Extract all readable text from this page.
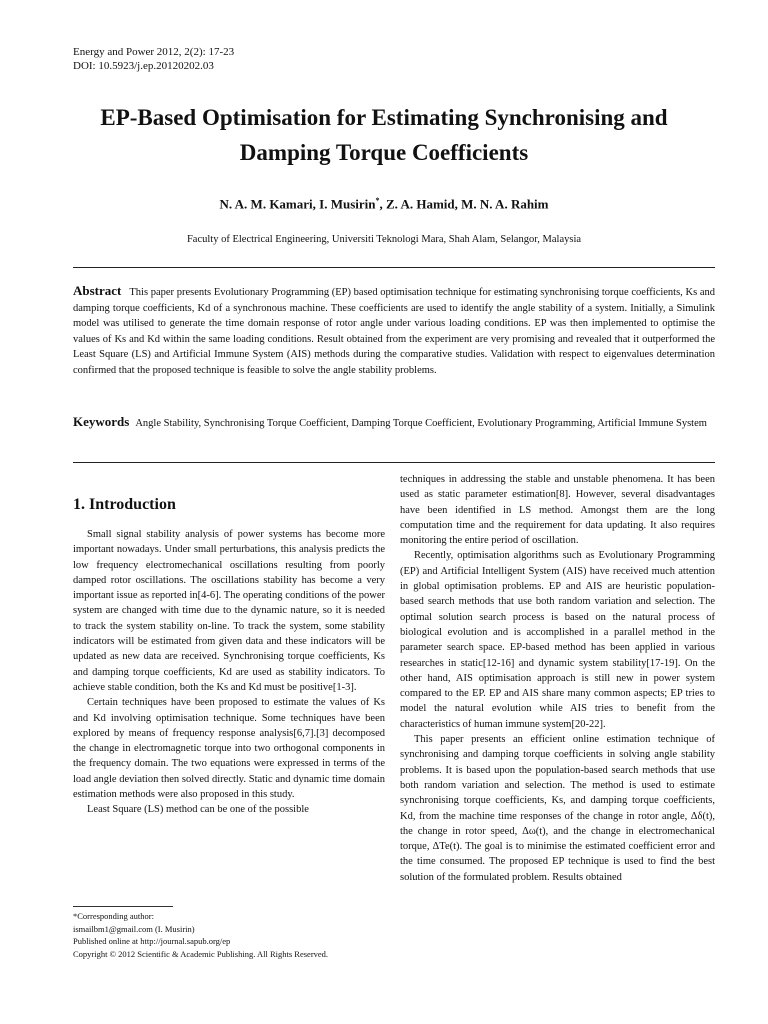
Energy and Power 2012, 2(2): 17-23
DOI: 10.5923/j.ep.20120202.03
EP-Based Optimisation for Estimating Synchronising and
Damping Torque Coefficients
N. A. M. Kamari, I. Musirin*, Z. A. Hamid, M. N. A. Rahim
Faculty of Electrical Engineering, Universiti Teknologi Mara, Shah Alam, Selangor, Malaysia
Abstract This paper presents Evolutionary Programming (EP) based optimisation technique for estimating synchronising torque coefficients, Ks and damping torque coefficients, Kd of a synchronous machine. These coefficients are used to identify the angle stability of a system. Initially, a Simulink model was utilised to generate the time domain response of rotor angle under various loading conditions. EP was then implemented to optimise the values of Ks and Kd within the same loading conditions. Result obtained from the experiment are very promising and revealed that it outperformed the Least Square (LS) and Artificial Immune System (AIS) methods during the comparative studies. Validation with respect to eigenvalues determination confirmed that the proposed technique is feasible to solve the angle stability problems.
Keywords Angle Stability, Synchronising Torque Coefficient, Damping Torque Coefficient, Evolutionary Programming, Artificial Immune System
1. Introduction

Small signal stability analysis of power systems has become more important nowadays. Under small perturbations, this analysis predicts the low frequency electromechanical oscillations resulting from poorly damped rotor oscillations. The oscillations stability has become a very important issue as reported in[4-6]. The operating conditions of the power system are changed with time due to the dynamic nature, so it is needed to track the system stability on-line. To track the system, some stability indicators will be estimated from given data and these indicators will be updated as new data are received. Synchronising torque coefficients, Ks and damping torque coefficients, Kd are used as stability indicators. To achieve stable condition, both the Ks and Kd must be positive[1-3].

Certain techniques have been proposed to estimate the values of Ks and Kd involving optimisation technique. Some techniques have been explored by means of frequency response analysis[6,7].[3] decomposed the change in electromagnetic torque into two orthogonal components in the frequency domain. The two equations were expressed in terms of the load angle deviation then solved directly. Static and dynamic time domain estimation methods were also proposed in this study.

Least Square (LS) method can be one of the possible

techniques in addressing the stable and unstable phenomena. It has been used as static parameter estimation[8]. However, several disadvantages have been identified in LS method. Amongst them are the long computation time and the requirement for data updating. It also requires monitoring the entire period of oscillation.

Recently, optimisation algorithms such as Evolutionary Programming (EP) and Artificial Intelligent System (AIS) have received much attention in global optimisation problems. EP and AIS are heuristic population-based search methods that use both random variation and selection. The optimal solution search process is based on the natural process of biological evolution and is accomplished in a parallel method in the parameter search space. EP-based method has been applied in various researches in static[12-16] and dynamic system stability[17-19]. On the other hand, AIS optimisation approach is still new in power system compared to the EP. EP and AIS share many common aspects; EP tries to model the natural evolution while AIS tries to benefit from the characteristics of human immune system[20-22].

This paper presents an efficient online estimation technique of synchronising and damping torque coefficients in solving angle stability problems. It is based upon the population-based search methods that use both random variation and selection. The method is used to estimate synchronising torque coefficients, Ks, and damping torque coefficients, Kd, from the machine time responses of the change in rotor angle, Δδ(t), the change in rotor speed, Δω(t), and the change in electromechanical torque, ΔTe(t). The goal is to minimise the estimated coefficient error and the time consumed. The proposed EP technique is used to find the best solution of the formulated problem. Results obtained

*Corresponding author:
ismailbm1@gmail.com (I. Musirin)
Published online at http://journal.sapub.org/ep
Copyright © 2012 Scientific & Academic Publishing. All Rights Reserved.
